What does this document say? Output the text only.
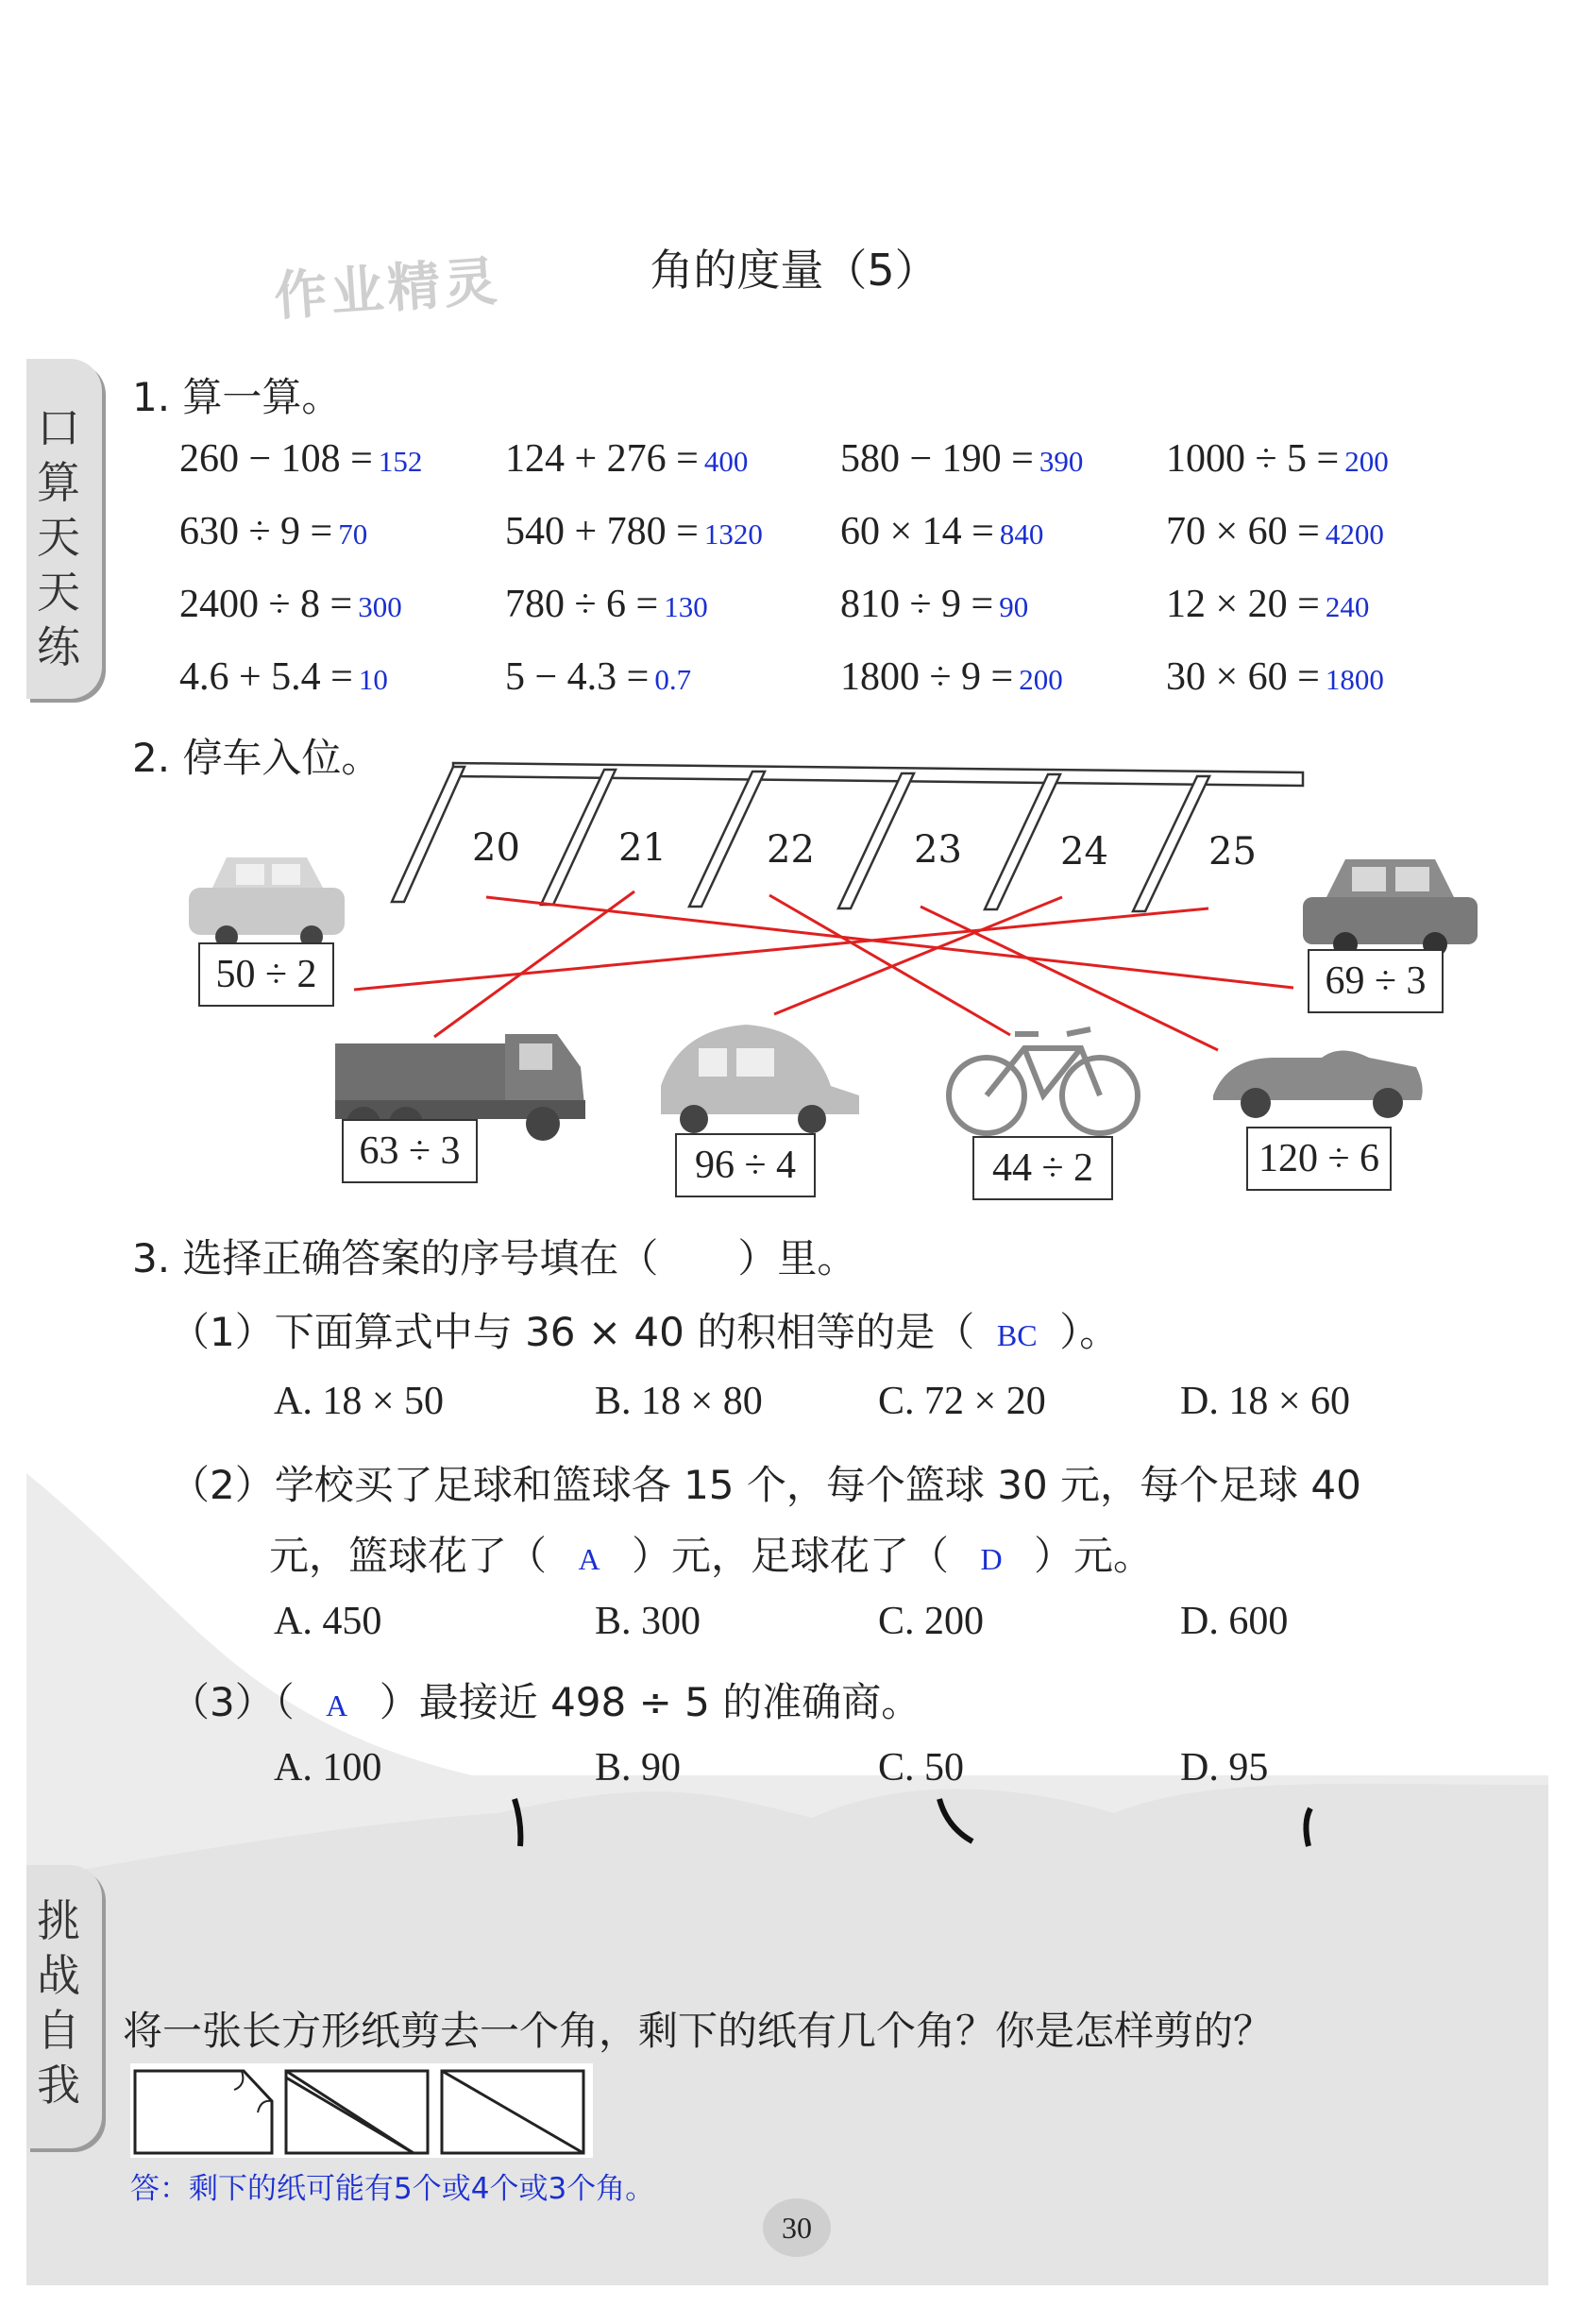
作业精灵	角的度量（5）
口
算
天
天
练
挑
战
自
我
1. 算一算。
260 − 108 = 152 124 + 276 = 400 580 − 190 = 390 1000 ÷ 5 = 200
630 ÷ 9 = 70	540 + 780 = 1320 60 × 14 = 840	70 × 60 = 4200
2400 ÷ 8 = 300	780 ÷ 6 = 130	810 ÷ 9 = 90	12 × 20 = 240
4.6 + 5.4 = 10	5 − 4.3 = 0.7	1800 ÷ 9 = 200	30 × 60 = 1800
2. 停车入位。
20	21	22	23	24	25
50 ÷ 2	69 ÷ 3
63 ÷ 3	96 ÷ 4	44 ÷ 2	120 ÷ 6
3. 选择正确答案的序号填在（　　）里。
（1）下面算式中与 36 × 40 的积相等的是（ BC ）。
A. 18 × 50	B. 18 × 80	C. 72 × 20	D. 18 × 60
（2）学校买了足球和篮球各 15 个，每个篮球 30 元，每个足球 40
元，篮球花了（ A ）元，足球花了（ D ）元。
A. 450	B. 300	C. 200	D. 600
（3）（ A ）最接近 498 ÷ 5 的准确商。
A. 100	B. 90	C. 50	D. 95
将一张长方形纸剪去一个角，剩下的纸有几个角？你是怎样剪的？
答：剩下的纸可能有5个或4个或3个角。
30
